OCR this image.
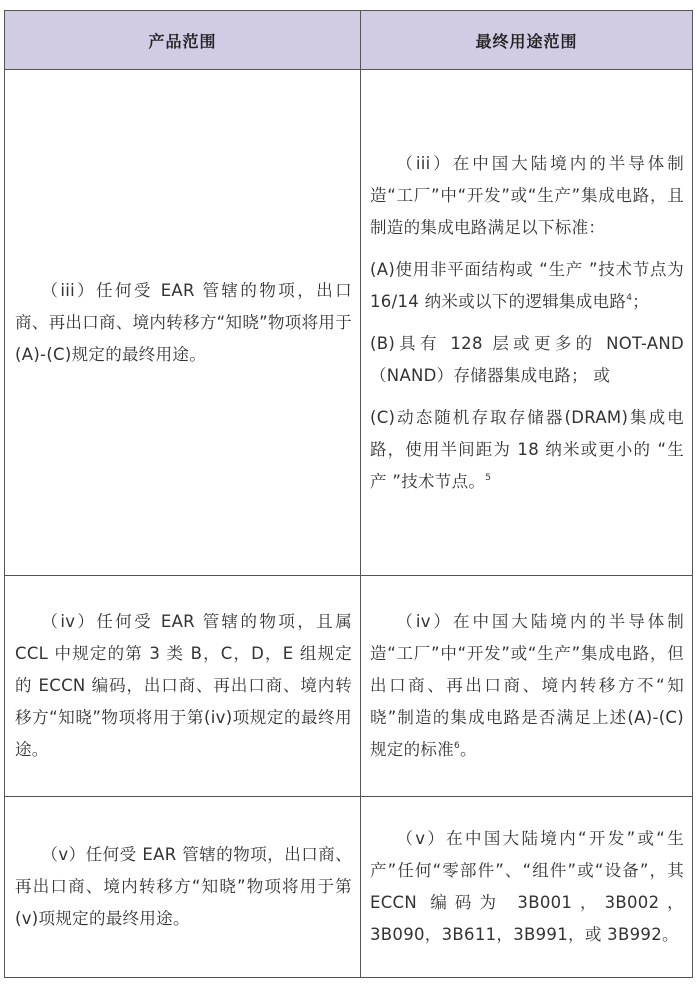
产品范围	最终用途范围

（iii）任何受 EAR 管辖的物项，出口商、再出口商、境内转移方“知晓”物项将用于(A)-(C)规定的最终用途。	（iii）在中国大陆境内的半导体制造“工厂”中“开发”或“生产”集成电路，且制造的集成电路满足以下标准：
(A)使用非平面结构或 “生产 ”技术节点为 16/14 纳米或以下的逻辑集成电路$^4$；
(B)具有 128 层或更多的 NOT-AND（NAND）存储器集成电路； 或
(C)动态随机存取存储器(DRAM)集成电路，使用半间距为 18 纳米或更小的 “生产 ”技术节点。$^5$

（iv）任何受 EAR 管辖的物项，且属 CCL 中规定的第 3 类 B，C，D，E 组规定的 ECCN 编码，出口商、再出口商、境内转移方“知晓”物项将用于第(iv)项规定的最终用途。	（iv）在中国大陆境内的半导体制造“工厂”中“开发”或“生产”集成电路，但出口商、再出口商、境内转移方不“知晓”制造的集成电路是否满足上述(A)-(C)规定的标准$^6$。

（v）任何受 EAR 管辖的物项，出口商、再出口商、境内转移方“知晓”物项将用于第(v)项规定的最终用途。	（v）在中国大陆境内“开发”或“生产”任何“零部件”、“组件”或“设备”，其 ECCN 编码为 3B001，3B002，3B090，3B611，3B991，或 3B992。
